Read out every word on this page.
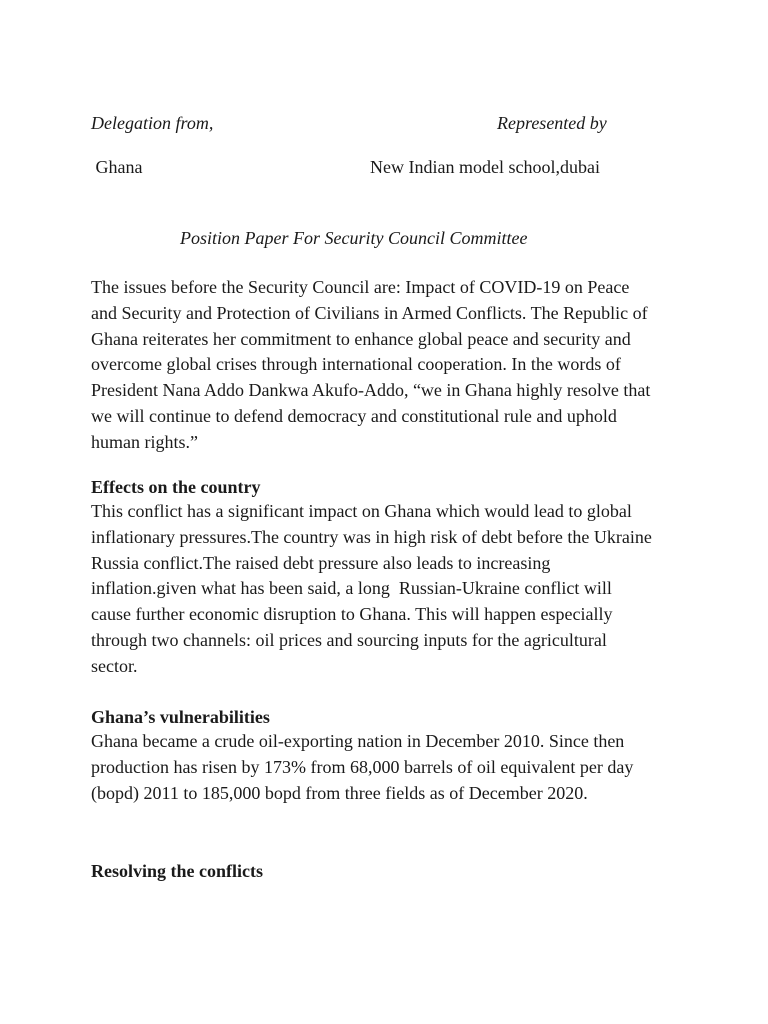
Delegation from,	Represented by
Ghana	New Indian model school,dubai
Position Paper For Security Council Committee
The issues before the Security Council are: Impact of COVID-19 on Peace
and Security and Protection of Civilians in Armed Conflicts. The Republic of
Ghana reiterates her commitment to enhance global peace and security and
overcome global crises through international cooperation. In the words of
President Nana Addo Dankwa Akufo-Addo, “we in Ghana highly resolve that
we will continue to defend democracy and constitutional rule and uphold
human rights.”
Effects on the country
This conflict has a significant impact on Ghana which would lead to global
inflationary pressures.The country was in high risk of debt before the Ukraine
Russia conflict.The raised debt pressure also leads to increasing
inflation.given what has been said, a long  Russian-Ukraine conflict will
cause further economic disruption to Ghana. This will happen especially
through two channels: oil prices and sourcing inputs for the agricultural
sector.
Ghana’s vulnerabilities
Ghana became a crude oil-exporting nation in December 2010. Since then
production has risen by 173% from 68,000 barrels of oil equivalent per day
(bopd) 2011 to 185,000 bopd from three fields as of December 2020.
Resolving the conflicts
